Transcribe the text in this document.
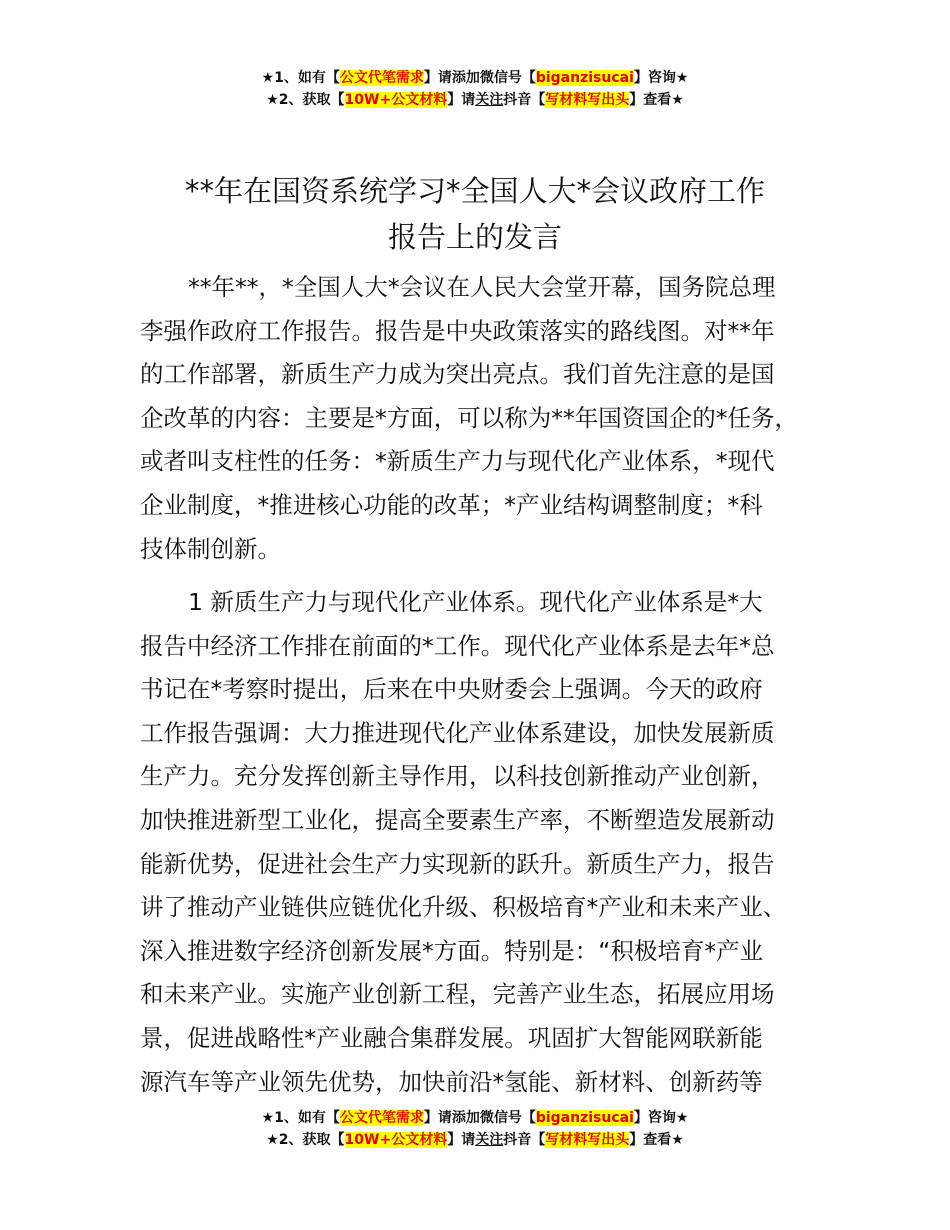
★1、如有【公文代笔需求】请添加微信号【biganzisucai】咨询★
★2、获取【10W+公文材料】请关注抖音【写材料写出头】查看★
**年在国资系统学习*全国人大*会议政府工作
报告上的发言
**年**，*全国人大*会议在人民大会堂开幕，国务院总理
李强作政府工作报告。报告是中央政策落实的路线图。对**年
的工作部署，新质生产力成为突出亮点。我们首先注意的是国
企改革的内容：主要是*方面，可以称为**年国资国企的*任务，
或者叫支柱性的任务：*新质生产力与现代化产业体系，*现代
企业制度，*推进核心功能的改革；*产业结构调整制度；*科
技体制创新。
1 新质生产力与现代化产业体系。现代化产业体系是*大
报告中经济工作排在前面的*工作。现代化产业体系是去年*总
书记在*考察时提出，后来在中央财委会上强调。今天的政府
工作报告强调：大力推进现代化产业体系建设，加快发展新质
生产力。充分发挥创新主导作用，以科技创新推动产业创新，
加快推进新型工业化，提高全要素生产率，不断塑造发展新动
能新优势，促进社会生产力实现新的跃升。新质生产力，报告
讲了推动产业链供应链优化升级、积极培育*产业和未来产业、
深入推进数字经济创新发展*方面。特别是：“积极培育*产业
和未来产业。实施产业创新工程，完善产业生态，拓展应用场
景，促进战略性*产业融合集群发展。巩固扩大智能网联新能
源汽车等产业领先优势，加快前沿*氢能、新材料、创新药等
★1、如有【公文代笔需求】请添加微信号【biganzisucai】咨询★
★2、获取【10W+公文材料】请关注抖音【写材料写出头】查看★
